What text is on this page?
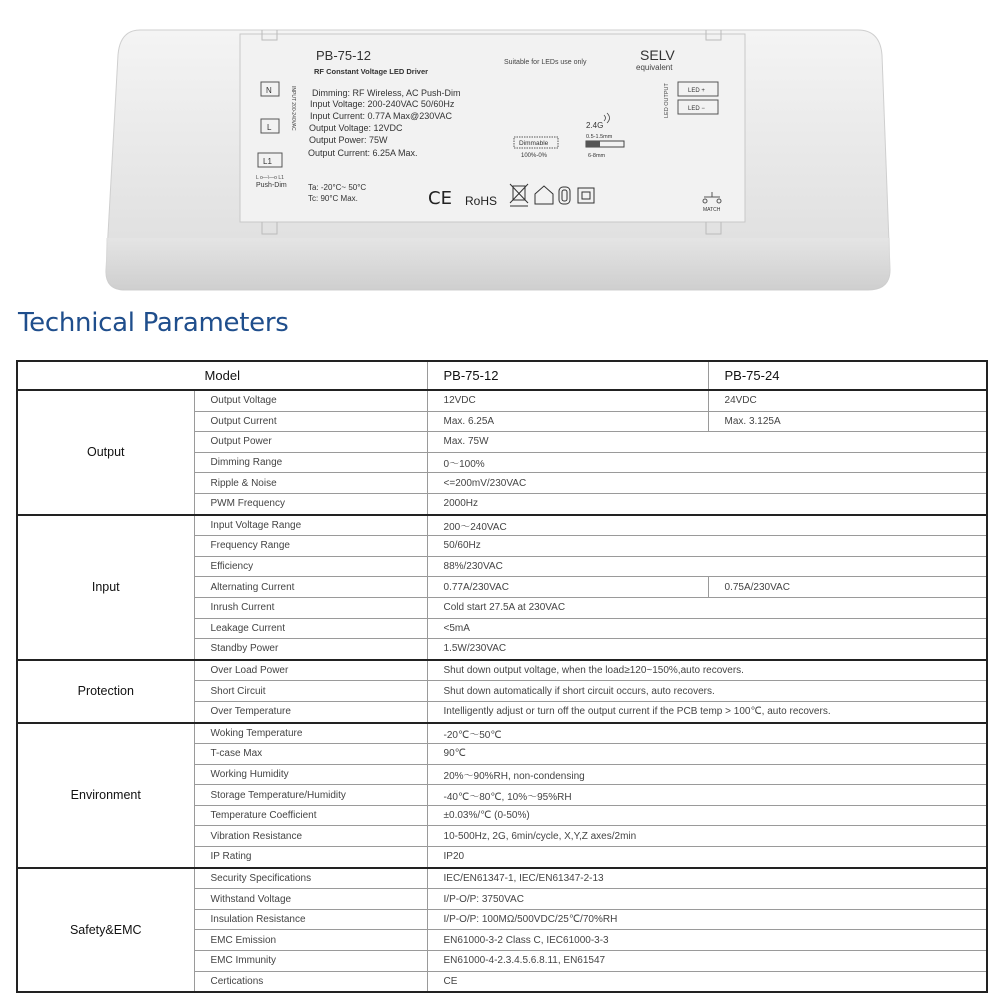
PB-75-12
RF Constant Voltage LED Driver
Suitable for LEDs use only	SELV
equivalent
Dimming: RF Wireless, AC Push-Dim
Input Voltage: 200-240VAC 50/60Hz
Input Current: 0.77A Max@230VAC
Output Voltage: 12VDC
Output Power: 75W
Output Current: 6.25A Max.
Ta: -20°C~ 50°C
Tc: 90°C Max.
N
L
L1
INPUT 200-240VAC
L o—\—o L1
Push-Dim
Dimmable
100%-0%
2.4G
0.5-1.5mm
6-8mm
LED OUTPUT	LED +
LED −
CE RoHS
MATCH
Technical Parameters
Model		PB-75-12	PB-75-24
Output	Output Voltage	12VDC	24VDC
	Output Current	Max. 6.25A	Max. 3.125A
	Output Power	Max. 75W	
	Dimming Range	0～100%	
	Ripple & Noise	<=200mV/230VAC	
	PWM Frequency	2000Hz	
Input	Input Voltage Range	200～240VAC	
	Frequency Range	50/60Hz	
	Efficiency	88%/230VAC	
	Alternating Current	0.77A/230VAC	0.75A/230VAC
	Inrush Current	Cold start 27.5A at 230VAC	
	Leakage Current	<5mA	
	Standby Power	1.5W/230VAC	
Protection	Over Load Power	Shut down output voltage, when the load≥120~150%,auto recovers.	
	Short Circuit	Shut down automatically if short circuit occurs, auto recovers.	
	Over Temperature	Intelligently adjust or turn off the output current if the PCB temp > 100℃, auto recovers.	
Environment	Woking Temperature	-20℃～50℃	
	T-case Max	90℃	
	Working Humidity	20%～90%RH, non-condensing	
	Storage Temperature/Humidity	-40℃～80℃, 10%～95%RH	
	Temperature Coefficient	±0.03%/℃ (0-50%)	
	Vibration Resistance	10-500Hz, 2G, 6min/cycle, X,Y,Z axes/2min	
	IP Rating	IP20	
Safety&EMC	Security Specifications	IEC/EN61347-1, IEC/EN61347-2-13	
	Withstand Voltage	I/P-O/P: 3750VAC	
	Insulation Resistance	I/P-O/P: 100MΩ/500VDC/25℃/70%RH	
	EMC Emission	EN61000-3-2 Class C, IEC61000-3-3	
	EMC Immunity	EN61000-4-2.3.4.5.6.8.11, EN61547	
	Certications	CE	
